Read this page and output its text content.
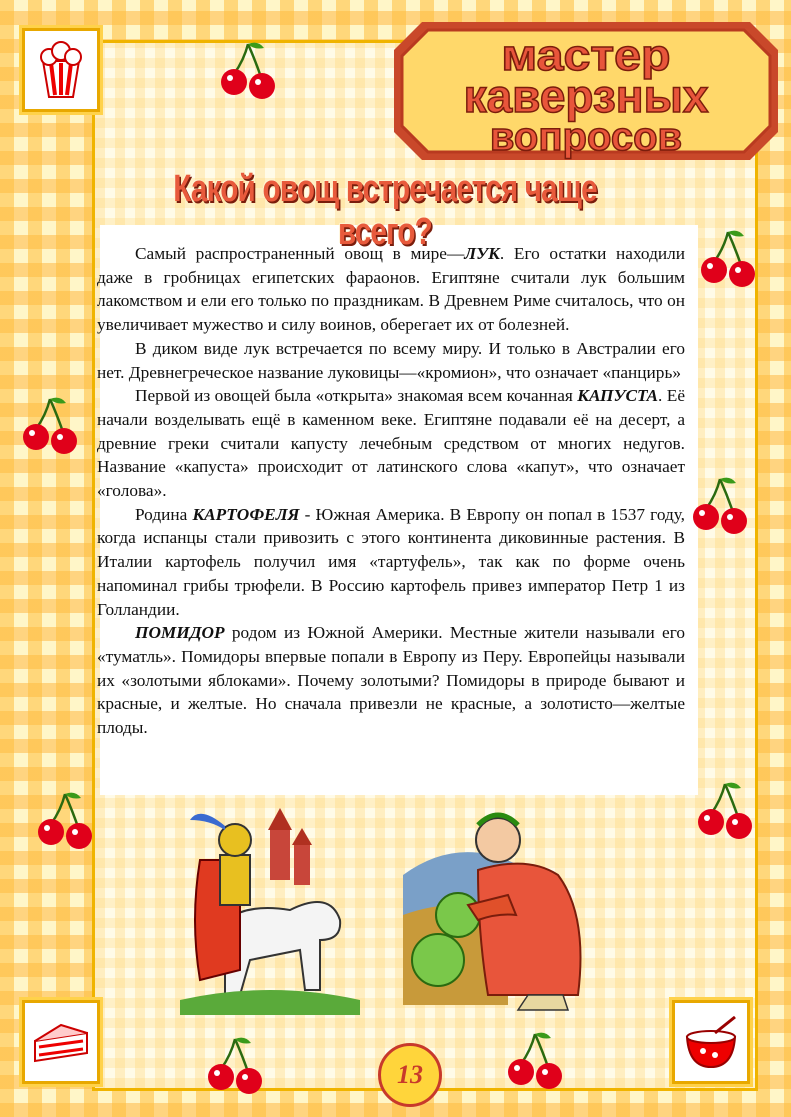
мастер
каверзных
вопросов
Какой овощ встречается чаще всего?

Самый распространенный овощ в мире—ЛУК. Его остатки находили даже в гробницах египетских фараонов. Египтяне считали лук большим лакомством и ели его только по праздникам. В Древнем Риме считалось, что он увеличивает мужество и силу воинов, оберегает их от болезней.

В диком виде лук встречается по всему миру. И только в Австралии его нет. Древнегреческое название луковицы—«кромион», что означает «панцирь»

Первой из овощей была «открыта» знакомая всем кочанная КАПУСТА. Её начали возделывать ещё в каменном веке. Египтяне подавали её на десерт, а древние греки считали капусту лечебным средством от многих недугов. Название «капуста» происходит от латинского слова «капут», что означает «голова».

Родина КАРТОФЕЛЯ - Южная Америка. В Европу он попал в 1537 году, когда испанцы стали привозить с этого континента диковинные растения. В Италии картофель получил имя «тартуфель», так как по форме очень напоминал грибы трюфели. В Россию картофель привез император Петр 1 из Голландии.

ПОМИДОР родом из Южной Америки. Местные жители называли его «туматль». Помидоры впервые попали в Европу из Перу. Европейцы называли их «золотыми яблоками». Почему золотыми? Помидоры в природе бывают и красные, и желтые. Но сначала привезли не красные, а золотисто—желтые плоды.

13
